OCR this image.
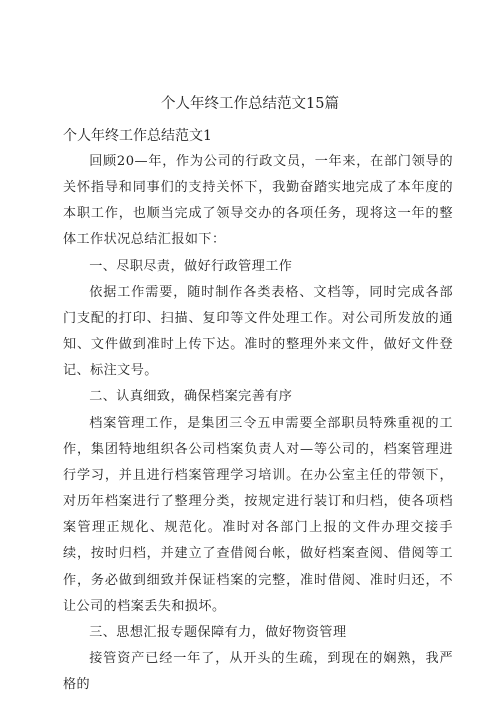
个人年终工作总结范文15篇
个人年终工作总结范文1

回顾20—年，作为公司的行政文员，一年来，在部门领导的关怀指导和同事们的支持关怀下，我勤奋踏实地完成了本年度的本职工作，也顺当完成了领导交办的各项任务，现将这一年的整体工作状况总结汇报如下：

一、尽职尽责，做好行政管理工作

依据工作需要，随时制作各类表格、文档等，同时完成各部门支配的打印、扫描、复印等文件处理工作。对公司所发放的通知、文件做到准时上传下达。准时的整理外来文件，做好文件登记、标注文号。

二、认真细致，确保档案完善有序

档案管理工作，是集团三令五申需要全部职员特殊重视的工作，集团特地组织各公司档案负责人对—等公司的，档案管理进行学习，并且进行档案管理学习培训。在办公室主任的带领下，对历年档案进行了整理分类，按规定进行装订和归档，使各项档案管理正规化、规范化。准时对各部门上报的文件办理交接手续，按时归档，并建立了查借阅台帐，做好档案查阅、借阅等工作，务必做到细致并保证档案的完整，准时借阅、准时归还，不让公司的档案丢失和损坏。

三、思想汇报专题保障有力，做好物资管理

接管资产已经一年了，从开头的生疏，到现在的娴熟，我严格的
